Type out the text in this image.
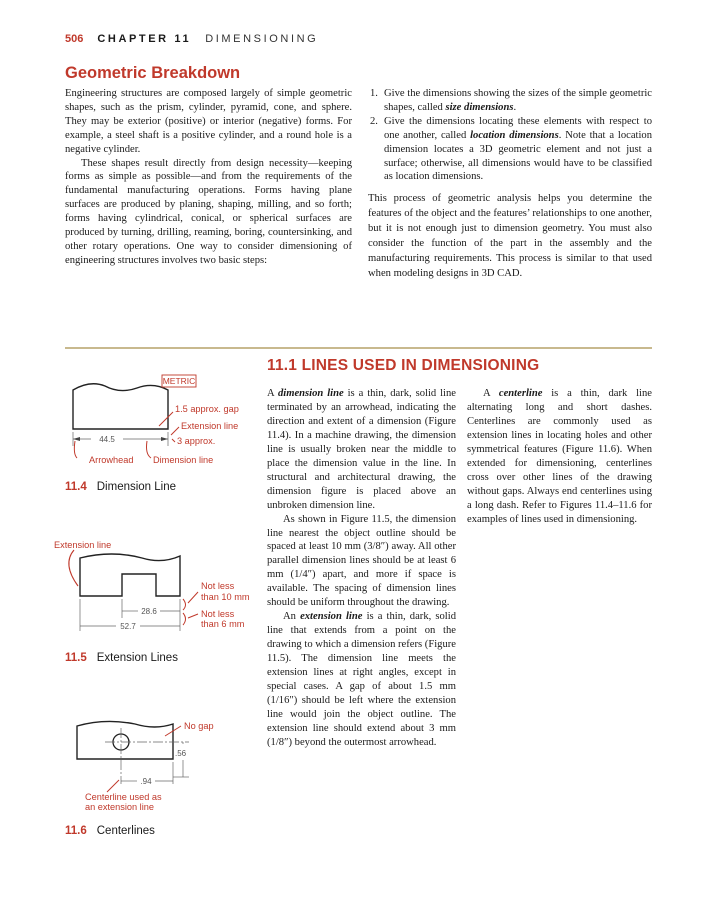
506 CHAPTER 11 DIMENSIONING
Geometric Breakdown

Engineering structures are composed largely of simple geometric shapes, such as the prism, cylinder, pyramid, cone, and sphere. They may be exterior (positive) or interior (negative) forms. For example, a steel shaft is a positive cylinder, and a round hole is a negative cylinder.

These shapes result directly from design necessity—keeping forms as simple as possible—and from the requirements of the fundamental manufacturing operations. Forms having plane surfaces are produced by planing, shaping, milling, and so forth; forms having cylindrical, conical, or spherical surfaces are produced by turning, drilling, reaming, boring, countersinking, and other rotary operations. One way to consider dimensioning of engineering structures involves two basic steps:

1. Give the dimensions showing the sizes of the simple geometric shapes, called size dimensions.
2. Give the dimensions locating these elements with respect to one another, called location dimensions. Note that a location dimension locates a 3D geometric element and not just a surface; otherwise, all dimensions would have to be classified as location dimensions.

This process of geometric analysis helps you determine the features of the object and the features’ relationships to one another, but it is not enough just to dimension geometry. You must also consider the function of the part in the assembly and the manufacturing requirements. This process is similar to that used when modeling designs in 3D CAD.

11.1 LINES USED IN DIMENSIONING

A dimension line is a thin, dark, solid line terminated by an arrowhead, indicating the direction and extent of a dimension (Figure 11.4). In a machine drawing, the dimension line is usually broken near the middle to place the dimension value in the line. In structural and architectural drawing, the dimension figure is placed above an unbroken dimension line.

As shown in Figure 11.5, the dimension line nearest the object outline should be spaced at least 10 mm (3/8″) away. All other parallel dimension lines should be at least 6 mm (1/4″) apart, and more if space is available. The spacing of dimension lines should be uniform throughout the drawing.

An extension line is a thin, dark, solid line that extends from a point on the drawing to which a dimension refers (Figure 11.5). The dimension line meets the extension lines at right angles, except in special cases. A gap of about 1.5 mm (1/16″) should be left where the extension line would join the object outline. The extension line should extend about 3 mm (1/8″) beyond the outermost arrowhead.

A centerline is a thin, dark line alternating long and short dashes. Centerlines are commonly used as extension lines in locating holes and other symmetrical features (Figure 11.6). When extended for dimensioning, centerlines cross over other lines of the drawing without gaps. Always end centerlines using a long dash. Refer to Figures 11.4–11.6 for examples of lines used in dimensioning.

METRIC
44.5
1.5 approx. gap
Extension line
3 approx.
Arrowhead Dimension line
11.4 Dimension Line
Extension line
28.6
52.7
Not less
than 10 mm
Not less
than 6 mm
11.5 Extension Lines
.56
.94
No gap
Centerline used as
an extension line
11.6 Centerlines
